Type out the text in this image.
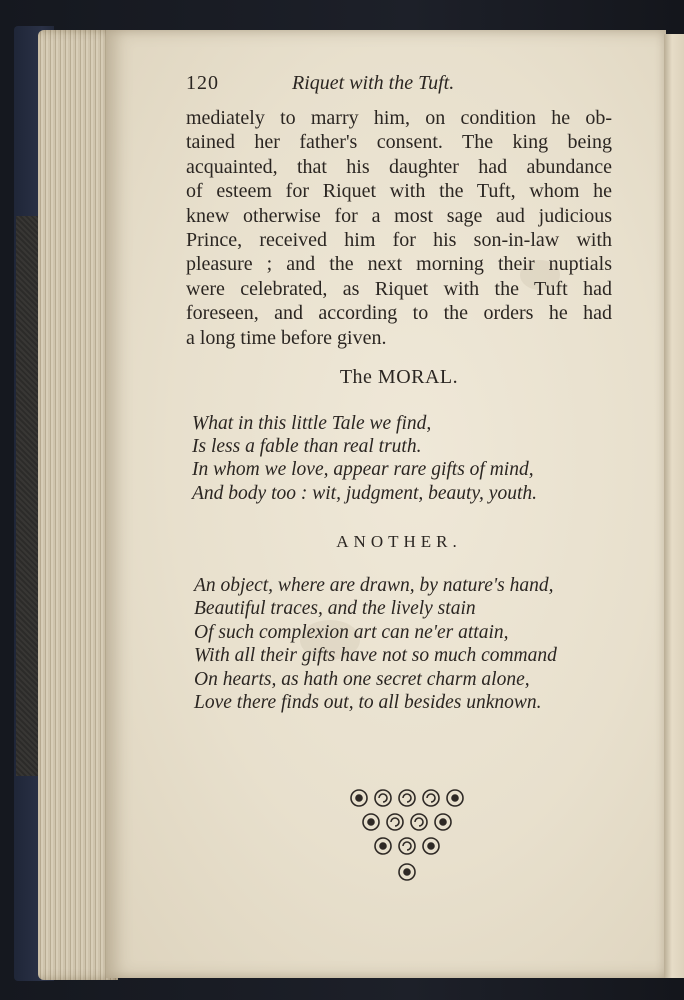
120	Riquet with the Tuft.

mediately to marry him, on condition he ob-
tained her father's consent. The king being
acquainted, that his daughter had abundance
of esteem for Riquet with the Tuft, whom he
knew otherwise for a most sage aud judicious
Prince, received him for his son-in-law with
pleasure ; and the next morning their nuptials
were celebrated, as Riquet with the Tuft had
foreseen, and according to the orders he had
a long time before given.

The MORAL.
What in this little Tale we find,
Is less a fable than real truth.
In whom we love, appear rare gifts of mind,
And body too : wit, judgment, beauty, youth.
ANOTHER.
An object, where are drawn, by nature's hand,
Beautiful traces, and the lively stain
Of such complexion art can ne'er attain,
With all their gifts have not so much command
On hearts, as hath one secret charm alone,
Love there finds out, to all besides unknown.
